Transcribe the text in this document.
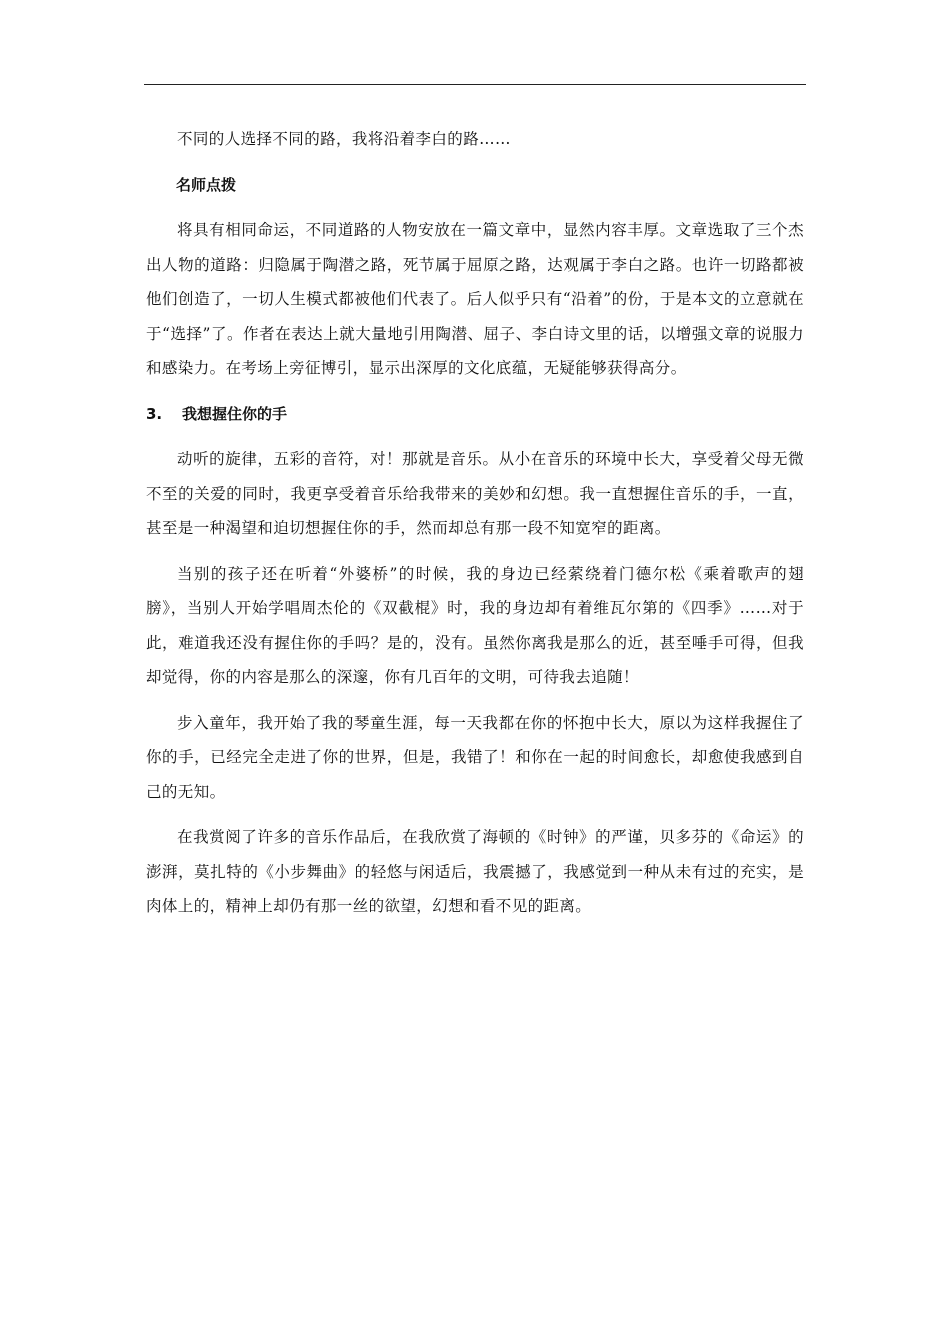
不同的人选择不同的路，我将沿着李白的路……

名师点拨

将具有相同命运，不同道路的人物安放在一篇文章中，显然内容丰厚。文章选取了三个杰出人物的道路：归隐属于陶潜之路，死节属于屈原之路，达观属于李白之路。也许一切路都被他们创造了，一切人生模式都被他们代表了。后人似乎只有“沿着”的份，于是本文的立意就在于“选择”了。作者在表达上就大量地引用陶潜、屈子、李白诗文里的话，以增强文章的说服力和感染力。在考场上旁征博引，显示出深厚的文化底蕴，无疑能够获得高分。

3. 我想握住你的手

动听的旋律，五彩的音符，对！那就是音乐。从小在音乐的环境中长大，享受着父母无微不至的关爱的同时，我更享受着音乐给我带来的美妙和幻想。我一直想握住音乐的手，一直，甚至是一种渴望和迫切想握住你的手，然而却总有那一段不知宽窄的距离。

当别的孩子还在听着“外婆桥”的时候，我的身边已经萦绕着门德尔松《乘着歌声的翅膀》，当别人开始学唱周杰伦的《双截棍》时，我的身边却有着维瓦尔第的《四季》……对于此，难道我还没有握住你的手吗？是的，没有。虽然你离我是那么的近，甚至唾手可得，但我却觉得，你的内容是那么的深邃，你有几百年的文明，可待我去追随！

步入童年，我开始了我的琴童生涯，每一天我都在你的怀抱中长大，原以为这样我握住了你的手，已经完全走进了你的世界，但是，我错了！和你在一起的时间愈长，却愈使我感到自己的无知。

在我赏阅了许多的音乐作品后，在我欣赏了海顿的《时钟》的严谨，贝多芬的《命运》的澎湃，莫扎特的《小步舞曲》的轻悠与闲适后，我震撼了，我感觉到一种从未有过的充实，是肉体上的，精神上却仍有那一丝的欲望，幻想和看不见的距离。
